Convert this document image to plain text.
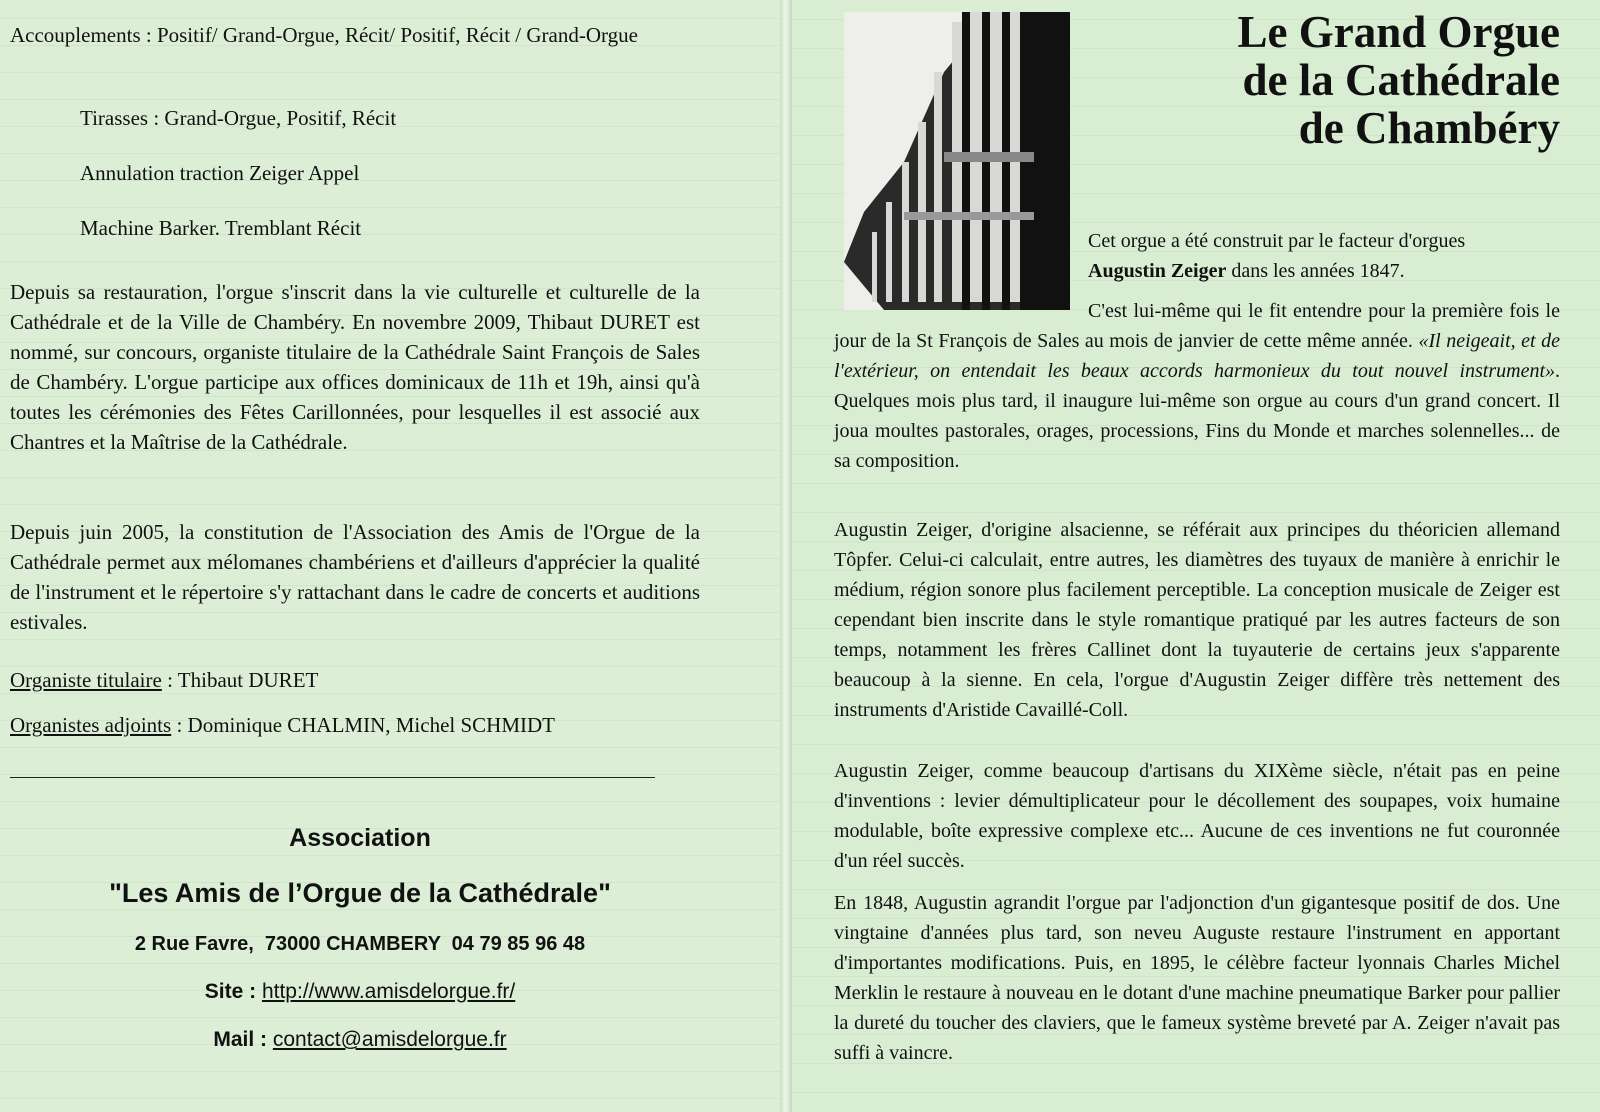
Accouplements : Positif/ Grand-Orgue, Récit/ Positif, Récit / Grand-Orgue
Tirasses : Grand-Orgue, Positif, Récit
Annulation traction Zeiger Appel
Machine Barker. Tremblant Récit
Depuis sa restauration, l'orgue s'inscrit dans la vie culturelle et culturelle de la Cathédrale et de la Ville de Chambéry. En novembre 2009, Thibaut DURET est nommé, sur concours, organiste titulaire de la Cathédrale Saint François de Sales de Chambéry. L'orgue participe aux offices dominicaux de 11h et 19h, ainsi qu'à toutes les cérémonies des Fêtes Carillonnées, pour lesquelles il est associé aux Chantres et la Maîtrise de la Cathédrale.
Depuis juin 2005, la constitution de l'Association des Amis de l'Orgue de la Cathédrale permet aux mélomanes chambériens et d'ailleurs d'apprécier la qualité de l'instrument et le répertoire s'y rattachant dans le cadre de concerts et auditions estivales.
Organiste titulaire : Thibaut DURET
Organistes adjoints : Dominique CHALMIN, Michel SCHMIDT
Association
"Les Amis de l’Orgue de la Cathédrale"
2 Rue Favre,  73000 CHAMBERY  04 79 85 96 48
Site : http://www.amisdelorgue.fr/
Mail : contact@amisdelorgue.fr
Le Grand Orgue
de la Cathédrale
de Chambéry
Cet orgue a été construit par le facteur d'orgues Augustin Zeiger dans les années 1847.
C'est lui-même qui le fit entendre pour la première fois le jour de la St François de Sales au mois de janvier de cette même année. «Il neigeait, et de l'extérieur, on entendait les beaux accords harmonieux du tout nouvel instrument». Quelques mois plus tard, il inaugure lui-même son orgue au cours d'un grand concert. Il joua moultes pastorales, orages, processions, Fins du Monde et marches solennelles... de sa composition.
Augustin Zeiger, d'origine alsacienne, se référait aux principes du théoricien allemand Tôpfer. Celui-ci calculait, entre autres, les diamètres des tuyaux de manière à enrichir le médium, région sonore plus facilement perceptible. La conception musicale de Zeiger est cependant bien inscrite dans le style romantique pratiqué par les autres facteurs de son temps, notamment les frères Callinet dont la tuyauterie de certains jeux s'apparente beaucoup à la sienne. En cela, l'orgue d'Augustin Zeiger diffère très nettement des instruments d'Aristide Cavaillé-Coll.
Augustin Zeiger, comme beaucoup d'artisans du XIXème siècle, n'était pas en peine d'inventions : levier démultiplicateur pour le décollement des soupapes, voix humaine modulable, boîte expressive complexe etc... Aucune de ces inventions ne fut couronnée d'un réel succès.
En 1848, Augustin agrandit l'orgue par l'adjonction d'un gigantesque positif de dos. Une vingtaine d'années plus tard, son neveu Auguste restaure l'instrument en apportant d'importantes modifications. Puis, en 1895, le célèbre facteur lyonnais Charles Michel Merklin le restaure à nouveau en le dotant d'une machine pneumatique Barker pour pallier la dureté du toucher des claviers, que le fameux système breveté par A. Zeiger n'avait pas suffi à vaincre.
